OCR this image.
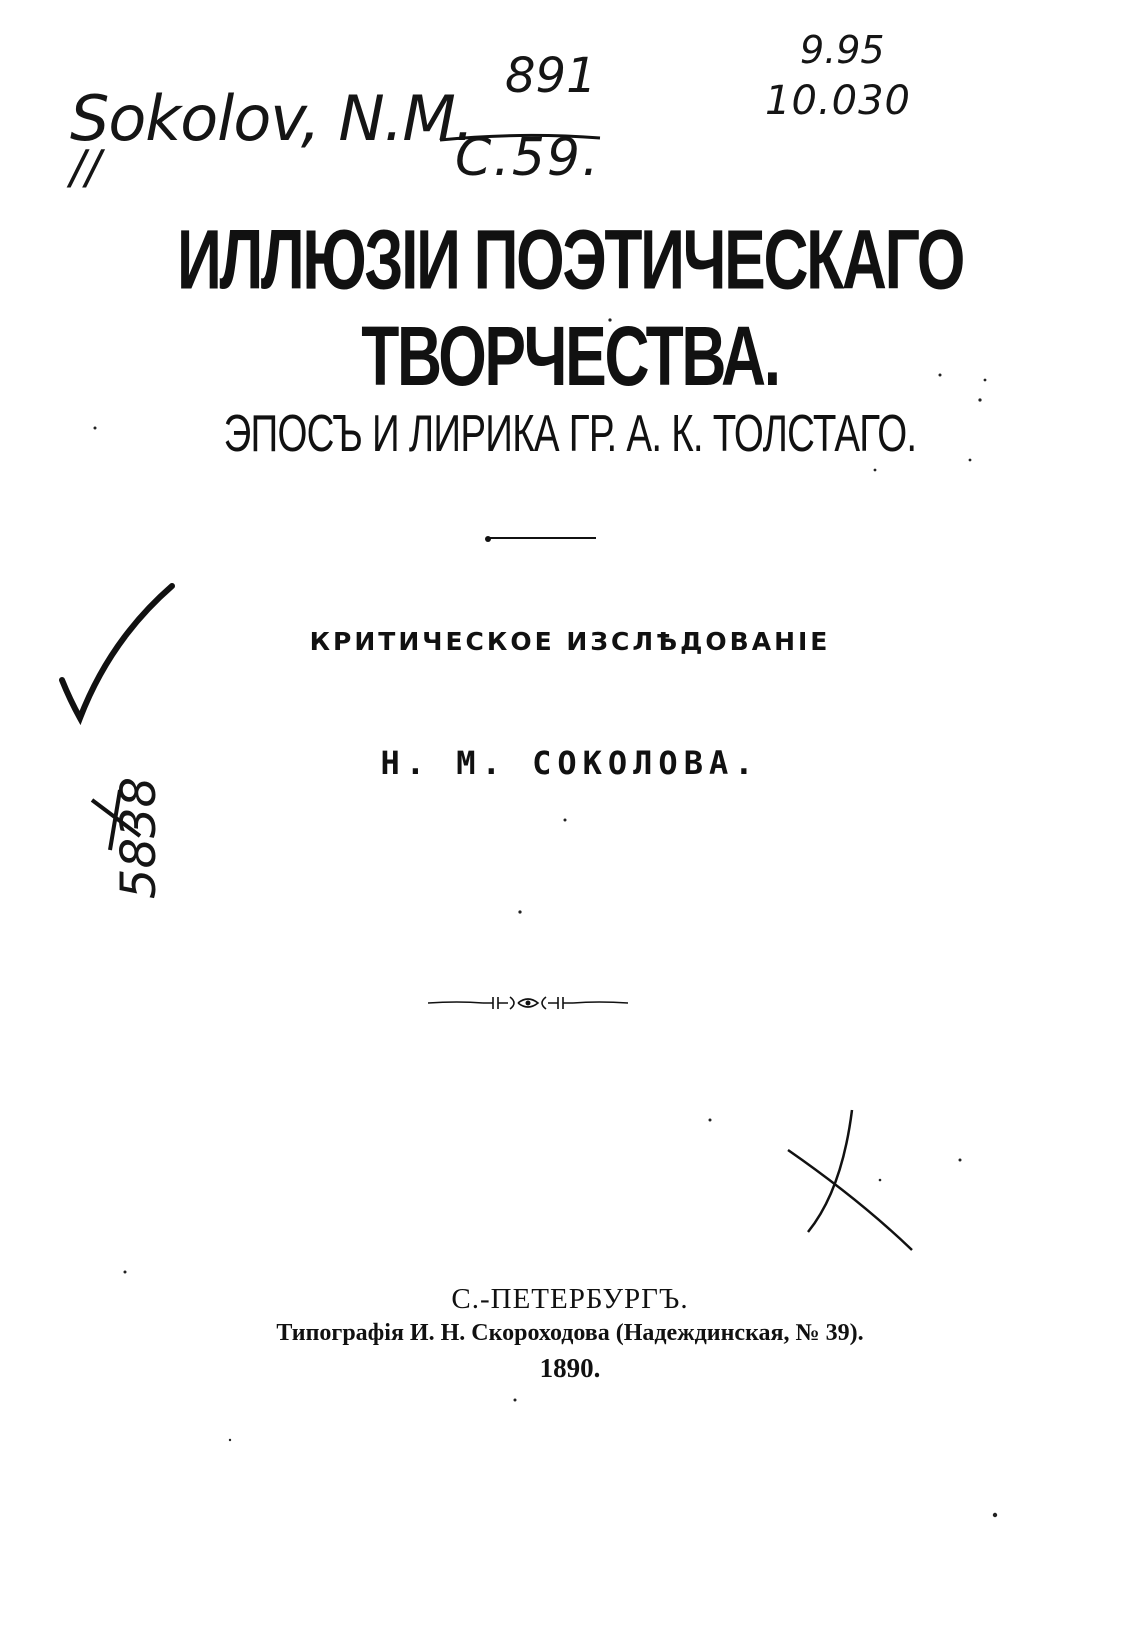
Sokolov, N.M.
//
891
C.59.
9.95
10.030
5838
ИЛЛЮЗІИ ПОЭТИЧЕСКАГО ТВОРЧЕСТВА.
ЭПОСЪ И ЛИРИКА ГР. А. К. ТОЛСТАГО.
КРИТИЧЕСКОЕ ИЗСЛѢДОВАНІЕ
Н. М. СОКОЛОВА.
С.-ПЕТЕРБУРГЪ.
Типографія И. Н. Скороходова (Надеждинская, № 39).
1890.
